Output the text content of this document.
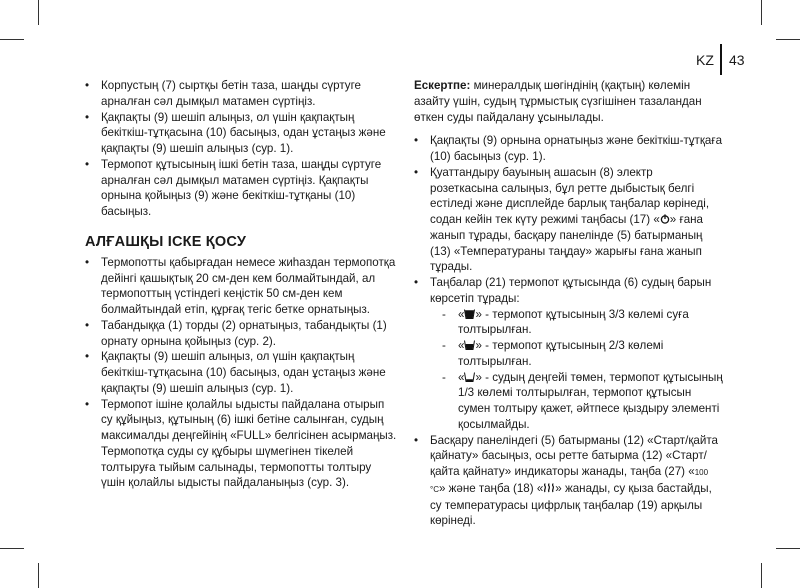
KZ 43
• Корпустың (7) сыртқы бетін таза, шаңды сүртуге арналған сәл дымқыл матамен сүртіңіз.
• Қақпақты (9) шешіп алыңыз, ол үшін қақпақтың бекіткіш-тұтқасына (10) басыңыз, одан ұстаңыз және қақпақты (9) шешіп алыңыз (сур. 1).
• Термопот құтысының ішкі бетін таза, шаңды сүртуге арналған сәл дымқыл матамен сүртіңіз. Қақпақты орнына қойыңыз (9) және бекіткіш-тұтқаны (10) басыңыз.
АЛҒАШҚЫ ІСКЕ ҚОСУ
• Термопотты қабырғадан немесе жиһаздан термопотқа дейінгі қашықтық 20 см-ден кем болмайтындай, ал термопоттың үстіндегі кеңістік 50 см-ден кем болмайтындай етіп, құрғақ тегіс бетке орнатыңыз.
• Табандыққа (1) торды (2) орнатыңыз, табандықты (1) орнату орнына қойыңыз (сур. 2).
• Қақпақты (9) шешіп алыңыз, ол үшін қақпақтың бекіткіш-тұтқасына (10) басыңыз, одан ұстаңыз және қақпақты (9) шешіп алыңыз (сур. 1).
• Термопот ішіне қолайлы ыдысты пайдалана отырып су құйыңыз, құтының (6) ішкі бетіне салынған, судың максималды деңгейінің «FULL» белгісінен асырмаңыз. Термопотқа суды су құбыры шүмегінен тікелей толтыруға тыйым салынады, термопотты толтыру үшін қолайлы ыдысты пайдаланыңыз (сур. 3).
Ескертпе: минералдық шөгіндінің (қақтың) көлемін азайту үшін, судың тұрмыстық сүзгішінен тазаландан өткен суды пайдалану ұсынылады.
• Қақпақты (9) орнына орнатыңыз және бекіткіш-тұтқаға (10) басыңыз (сур. 1).
• Қуаттандыру бауының ашасын (8) электр розеткасына салыңыз, бұл ретте дыбыстық белгі естіледі және дисплейде барлық таңбалар көрінеді, содан кейін тек күту режимі таңбасы (17) « » ғана жанып тұрады, басқару панелінде (5) батырманың (13) «Температураны таңдау» жарығы ғана жанып тұрады.
• Таңбалар (21) термопот құтысында (6) судың барын көрсетіп тұрады:
- « » - термопот құтысының 3/3 көлемі суға толтырылған.
- « » - термопот құтысының 2/3 көлемі толтырылған.
- « » - судың деңгейі төмен, термопот құтысының 1/3 көлемі толтырылған, термопот құтысын сумен толтыру қажет, әйтпесе қыздыру элементі қосылмайды.
• Басқару панеліндегі (5) батырманы (12) «Старт/қайта қайнату» басыңыз, осы ретте батырма (12) «Старт/қайта қайнату» индикаторы жанады, таңба (27) «100 °C» және таңба (18) « » жанады, су қыза бастайды, су температурасы цифрлық таңбалар (19) арқылы көрінеді.
